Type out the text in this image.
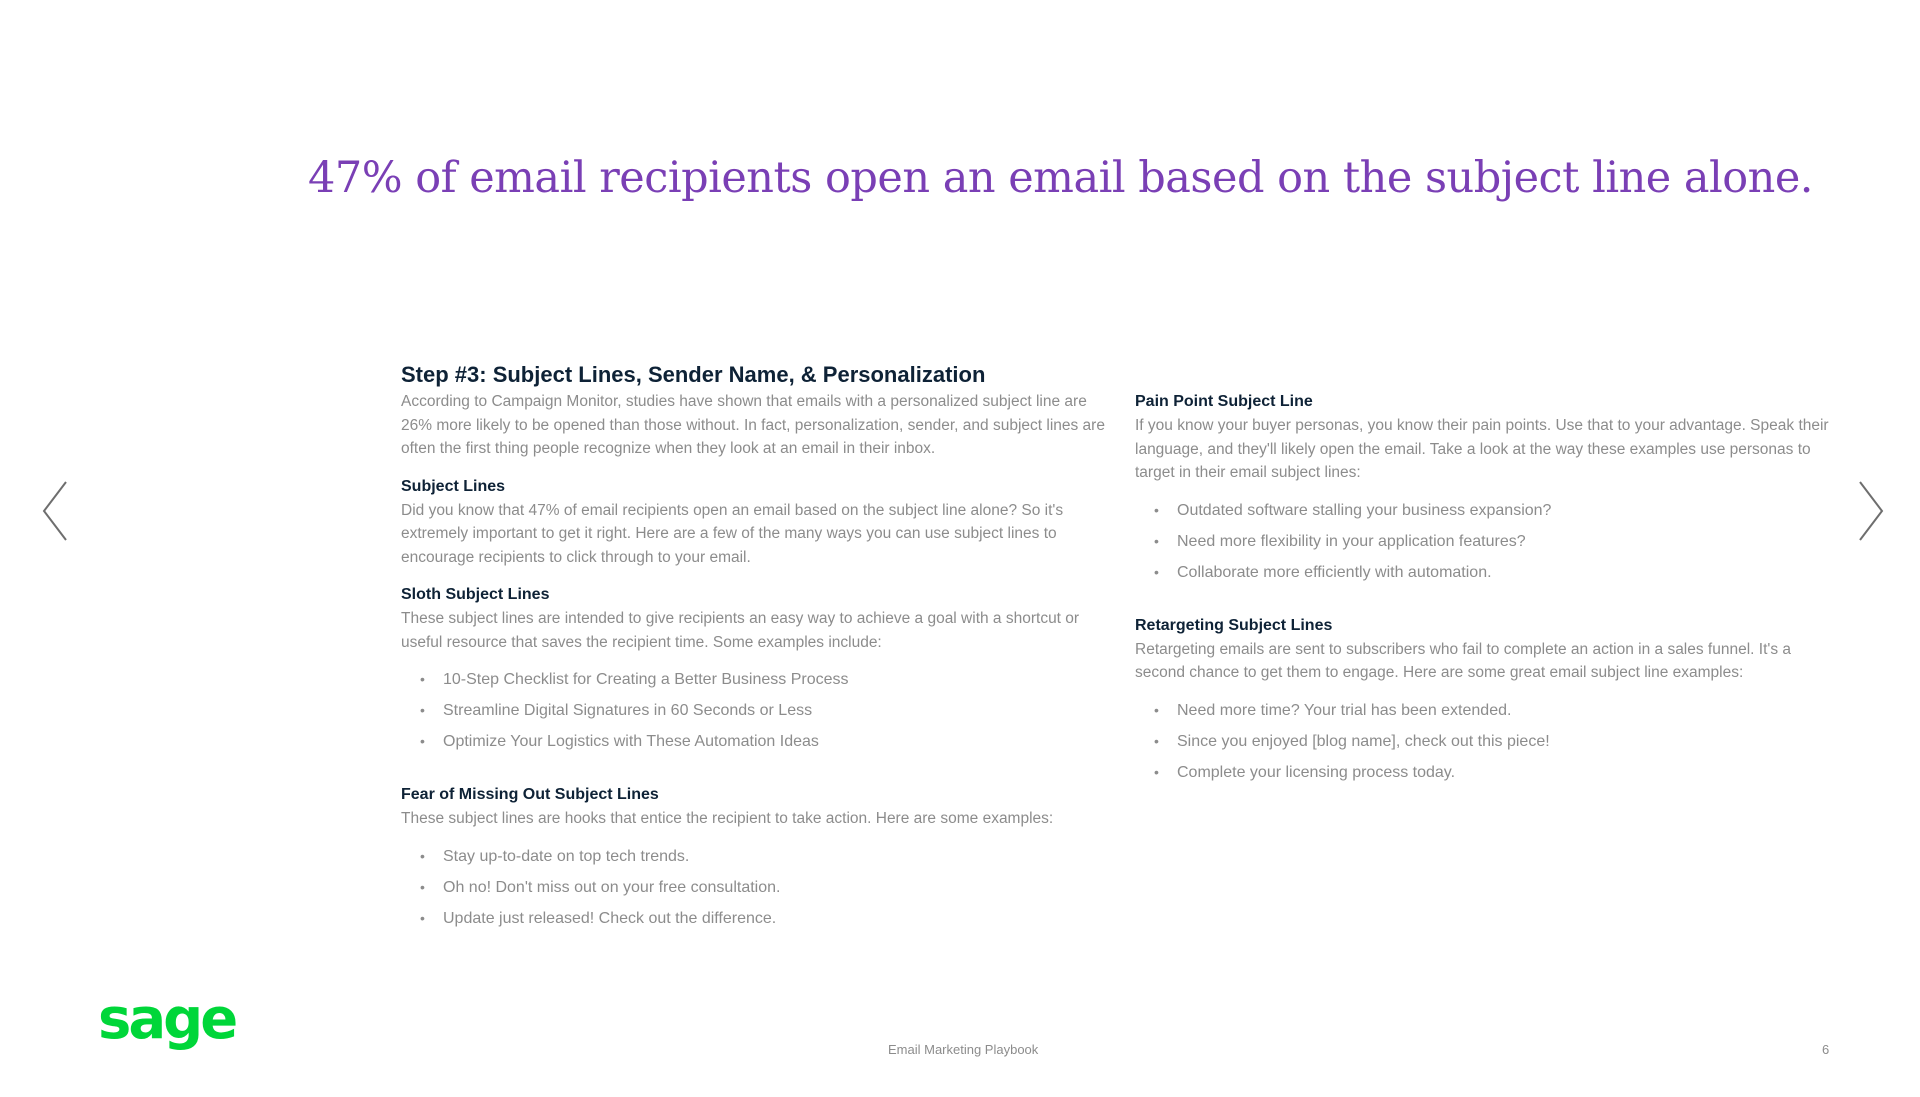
47% of email recipients open an email based on the subject line alone.
Step #3: Subject Lines, Sender Name, & Personalization

According to Campaign Monitor, studies have shown that emails with a personalized subject line are 26% more likely to be opened than those without. In fact, personalization, sender, and subject lines are often the first thing people recognize when they look at an email in their inbox.

Subject Lines

Did you know that 47% of email recipients open an email based on the subject line alone? So it's extremely important to get it right. Here are a few of the many ways you can use subject lines to encourage recipients to click through to your email.

Sloth Subject Lines

These subject lines are intended to give recipients an easy way to achieve a goal with a shortcut or useful resource that saves the recipient time. Some examples include:

• 10-Step Checklist for Creating a Better Business Process
• Streamline Digital Signatures in 60 Seconds or Less
• Optimize Your Logistics with These Automation Ideas
Fear of Missing Out Subject Lines

These subject lines are hooks that entice the recipient to take action. Here are some examples:

• Stay up-to-date on top tech trends.
• Oh no! Don't miss out on your free consultation.
• Update just released! Check out the difference.
Pain Point Subject Line

If you know your buyer personas, you know their pain points. Use that to your advantage. Speak their language, and they'll likely open the email. Take a look at the way these examples use personas to target in their email subject lines:

• Outdated software stalling your business expansion?
• Need more flexibility in your application features?
• Collaborate more efficiently with automation.
Retargeting Subject Lines

Retargeting emails are sent to subscribers who fail to complete an action in a sales funnel. It's a second chance to get them to engage. Here are some great email subject line examples:

• Need more time? Your trial has been extended.
• Since you enjoyed [blog name], check out this piece!
• Complete your licensing process today.
sage	Email Marketing Playbook	6
